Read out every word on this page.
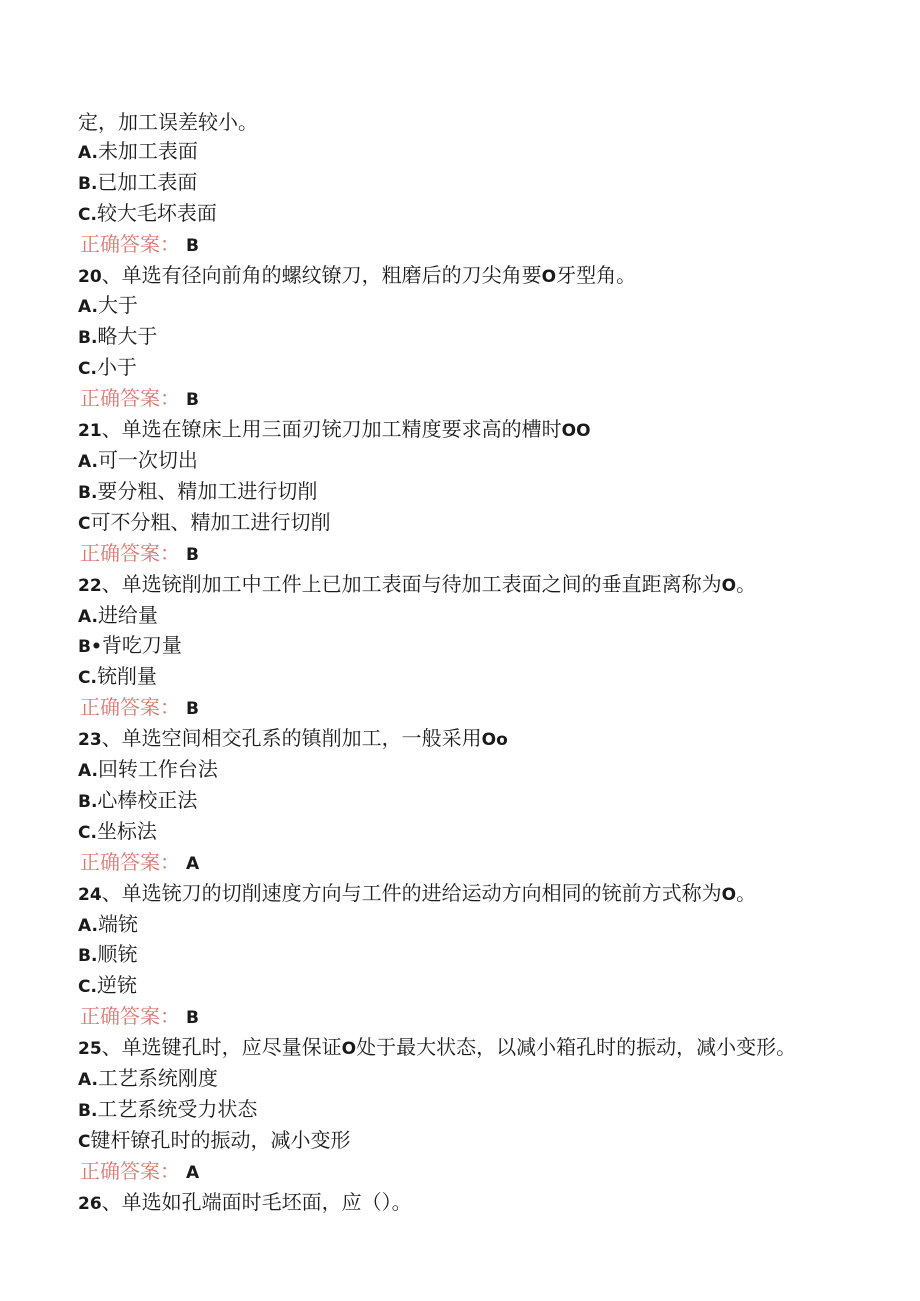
定，加工误差较小。
A.未加工表面
B.已加工表面
C.较大毛坏表面
正确答案： B
20、单选有径向前角的螺纹镣刀，粗磨后的刀尖角要O牙型角。
A.大于
B.略大于
C.小于
正确答案： B
21、单选在镣床上用三面刃铳刀加工精度要求高的槽时OO
A.可一次切出
B.要分粗、精加工进行切削
C可不分粗、精加工进行切削
正确答案： B
22、单选铳削加工中工件上已加工表面与待加工表面之间的垂直距离称为O。
A.进给量
B•背吃刀量
C.铳削量
正确答案： B
23、单选空间相交孔系的镇削加工，一般采用Oo
A.回转工作台法
B.心棒校正法
C.坐标法
正确答案： A
24、单选铳刀的切削速度方向与工件的进给运动方向相同的铳前方式称为O。
A.端铳
B.顺铳
C.逆铳
正确答案： B
25、单选键孔时，应尽量保证O处于最大状态，以减小箱孔时的振动，减小变形。
A.工艺系统刚度
B.工艺系统受力状态
C键杆镣孔时的振动，减小变形
正确答案： A
26、单选如孔端面时毛坯面，应（）。
